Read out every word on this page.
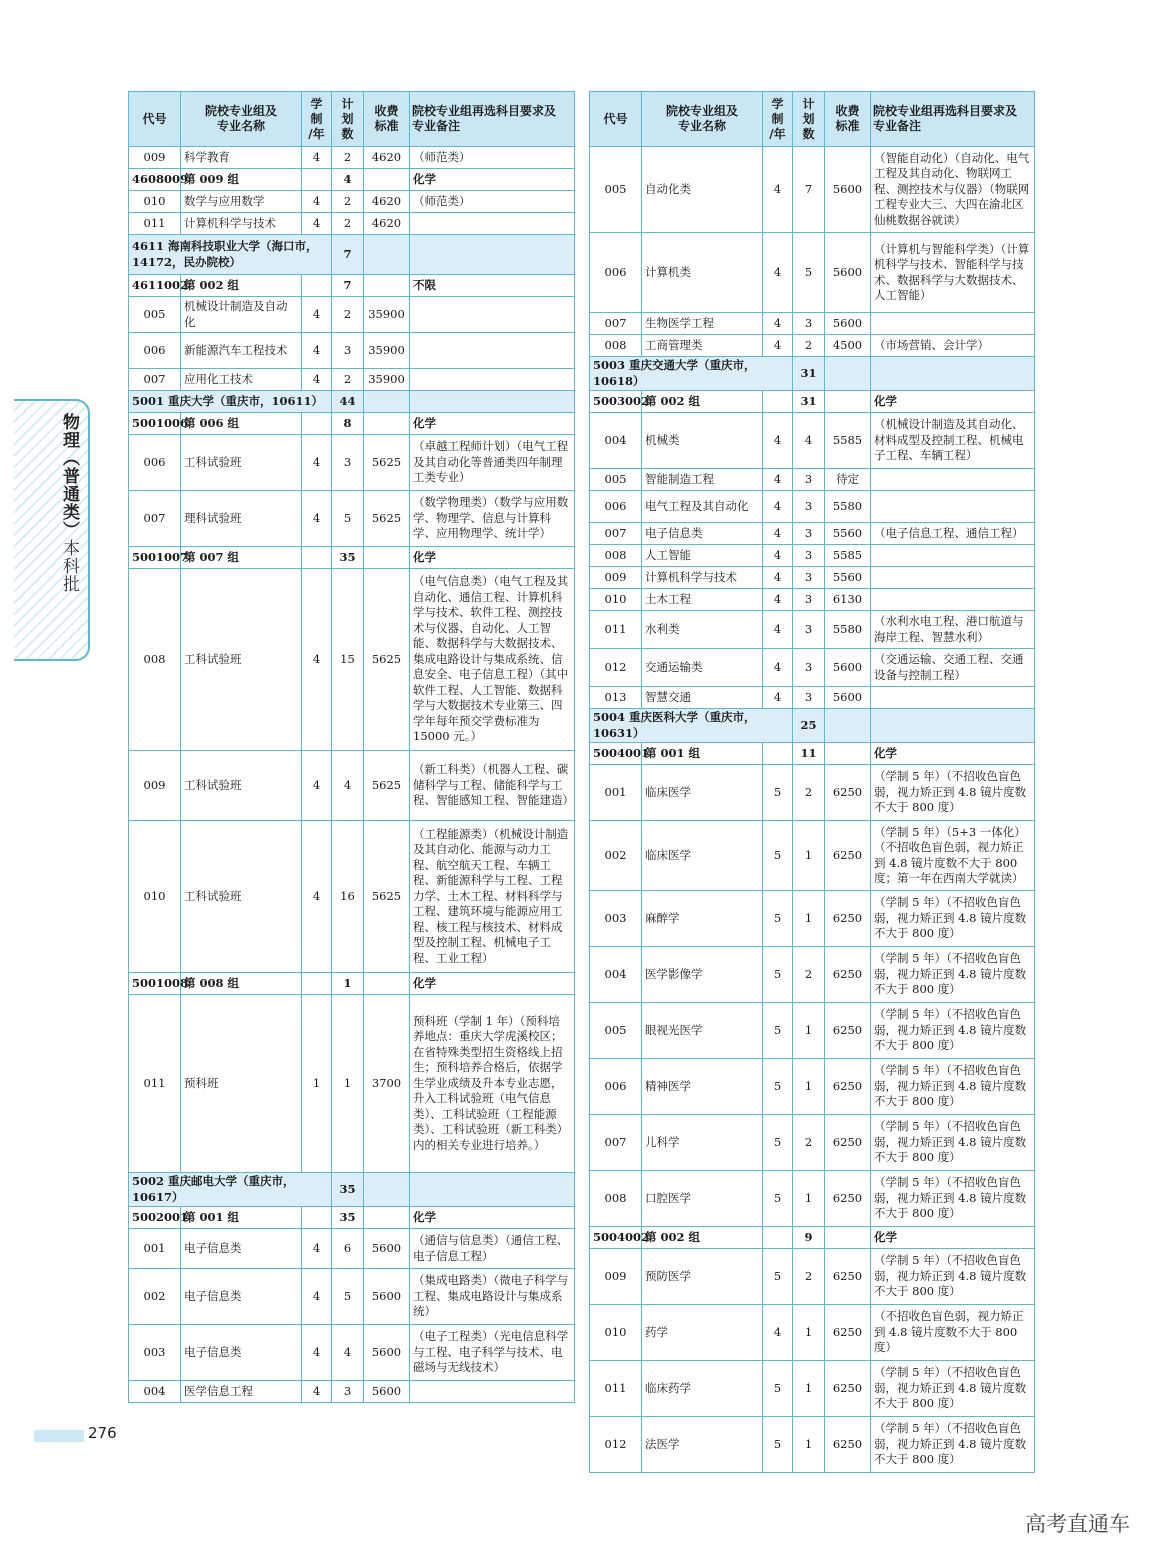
代号	院校专业组及
专业名称	学
制
/年	计
划
数	收费
标准	院校专业组再选科目要求及
专业备注
009	科学教育	4	2	4620	（师范类）
4608009	第 009 组		4		化学
010	数学与应用数学	4	2	4620	（师范类）
011	计算机科学与技术	4	2	4620	
4611 海南科技职业大学（海口市，14172，民办院校）			7		
4611002	第 002 组		7		不限
005	机械设计制造及自动化	4	2	35900	
006	新能源汽车工程技术	4	3	35900	
007	应用化工技术	4	2	35900	
5001 重庆大学（重庆市，10611）			44		
5001006	第 006 组		8		化学
006	工科试验班	4	3	5625	（卓越工程师计划）（电气工程及其自动化等普通类四年制理工类专业）
007	理科试验班	4	5	5625	（数学物理类）（数学与应用数学、物理学、信息与计算科学、应用物理学、统计学）
5001007	第 007 组		35		化学
008	工科试验班	4	15	5625	（电气信息类）（电气工程及其自动化、通信工程、计算机科学与技术、软件工程、测控技术与仪器、自动化、人工智能、数据科学与大数据技术、集成电路设计与集成系统、信息安全、电子信息工程）（其中软件工程、人工智能、数据科学与大数据技术专业第三、四学年每年预交学费标准为 15000 元。）
009	工科试验班	4	4	5625	（新工科类）（机器人工程、碳储科学与工程、储能科学与工程、智能感知工程、智能建造）
010	工科试验班	4	16	5625	（工程能源类）（机械设计制造及其自动化、能源与动力工程、航空航天工程、车辆工程、新能源科学与工程、工程力学、土木工程、材料科学与工程、建筑环境与能源应用工程、核工程与核技术、材料成型及控制工程、机械电子工程、工业工程）
5001008	第 008 组		1		化学
011	预科班	1	1	3700	预科班（学制 1 年）（预科培养地点：重庆大学虎溪校区；在省特殊类型招生资格线上招生；预科培养合格后，依据学生学业成绩及升本专业志愿，升入工科试验班（电气信息类）、工科试验班（工程能源类）、工科试验班（新工科类）内的相关专业进行培养。）
5002 重庆邮电大学（重庆市，10617）			35		
5002001	第 001 组		35		化学
001	电子信息类	4	6	5600	（通信与信息类）（通信工程、电子信息工程）
002	电子信息类	4	5	5600	（集成电路类）（微电子科学与工程、集成电路设计与集成系统）
003	电子信息类	4	4	5600	（电子工程类）（光电信息科学与工程、电子科学与技术、电磁场与无线技术）
004	医学信息工程	4	3	5600	
代号	院校专业组及
专业名称	学
制
/年	计
划
数	收费
标准	院校专业组再选科目要求及
专业备注
005	自动化类	4	7	5600	（智能自动化）（自动化、电气工程及其自动化、物联网工程、测控技术与仪器）（物联网工程专业大三、大四在渝北区仙桃数据谷就读）
006	计算机类	4	5	5600	（计算机与智能科学类）（计算机科学与技术、智能科学与技术、数据科学与大数据技术、人工智能）
007	生物医学工程	4	3	5600	
008	工商管理类	4	2	4500	（市场营销、会计学）
5003 重庆交通大学（重庆市，10618）			31		
5003002	第 002 组		31		化学
004	机械类	4	4	5585	（机械设计制造及其自动化、材料成型及控制工程、机械电子工程、车辆工程）
005	智能制造工程	4	3	待定	
006	电气工程及其自动化	4	3	5580	
007	电子信息类	4	3	5560	（电子信息工程、通信工程）
008	人工智能	4	3	5585	
009	计算机科学与技术	4	3	5560	
010	土木工程	4	3	6130	
011	水利类	4	3	5580	（水利水电工程、港口航道与海岸工程、智慧水利）
012	交通运输类	4	3	5600	（交通运输、交通工程、交通设备与控制工程）
013	智慧交通	4	3	5600	
5004 重庆医科大学（重庆市，10631）			25		
5004001	第 001 组		11		化学
001	临床医学	5	2	6250	（学制 5 年）（不招收色盲色弱，视力矫正到 4.8 镜片度数不大于 800 度）
002	临床医学	5	1	6250	（学制 5 年）（5+3 一体化）（不招收色盲色弱，视力矫正到 4.8 镜片度数不大于 800 度；第一年在西南大学就读）
003	麻醉学	5	1	6250	（学制 5 年）（不招收色盲色弱，视力矫正到 4.8 镜片度数不大于 800 度）
004	医学影像学	5	2	6250	（学制 5 年）（不招收色盲色弱，视力矫正到 4.8 镜片度数不大于 800 度）
005	眼视光医学	5	1	6250	（学制 5 年）（不招收色盲色弱，视力矫正到 4.8 镜片度数不大于 800 度）
006	精神医学	5	1	6250	（学制 5 年）（不招收色盲色弱，视力矫正到 4.8 镜片度数不大于 800 度）
007	儿科学	5	2	6250	（学制 5 年）（不招收色盲色弱，视力矫正到 4.8 镜片度数不大于 800 度）
008	口腔医学	5	1	6250	（学制 5 年）（不招收色盲色弱，视力矫正到 4.8 镜片度数不大于 800 度）
5004002	第 002 组		9		化学
009	预防医学	5	2	6250	（学制 5 年）（不招收色盲色弱，视力矫正到 4.8 镜片度数不大于 800 度）
010	药学	4	1	6250	（不招收色盲色弱，视力矫正到 4.8 镜片度数不大于 800 度）
011	临床药学	5	1	6250	（学制 5 年）（不招收色盲色弱，视力矫正到 4.8 镜片度数不大于 800 度）
012	法医学	5	1	6250	（学制 5 年）（不招收色盲色弱，视力矫正到 4.8 镜片度数不大于 800 度）
物理（普通类）本科批
276
高考直通车
